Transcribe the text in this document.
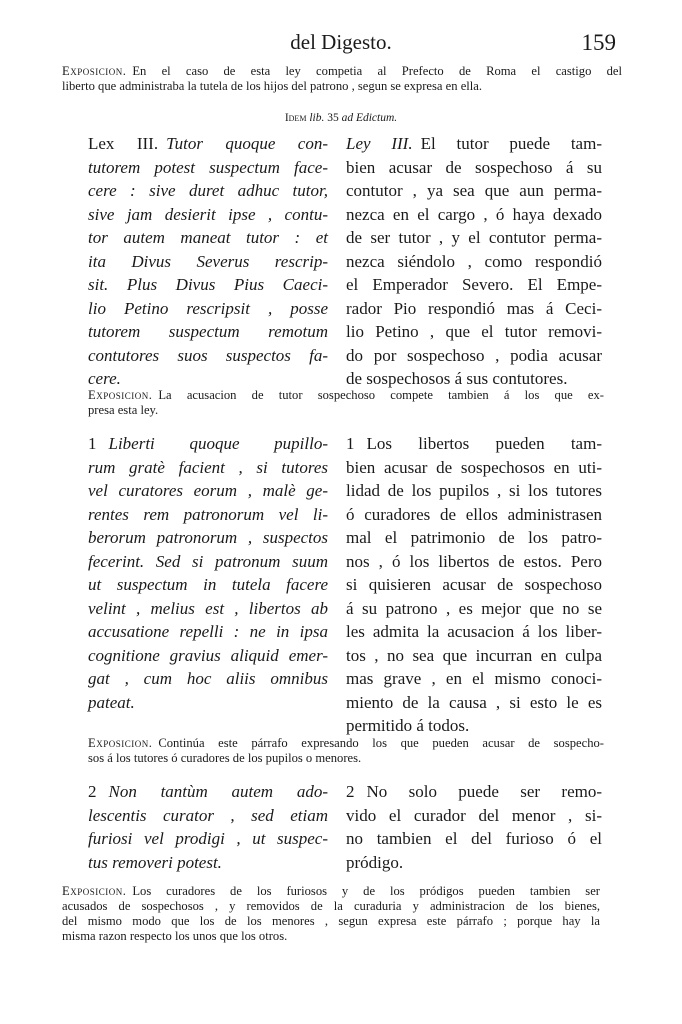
del Digesto.	159
Exposicion. En el caso de esta ley competia al Prefecto de Roma el castigo del
liberto que administraba la tutela de los hijos del patrono , segun se expresa en ella.
Idem lib. 35 ad Edictum.
Lex III. Tutor quoque con-
tutorem potest suspectum face-
cere : sive duret adhuc tutor,
sive jam desierit ipse , contu-
tor autem maneat tutor : et
ita Divus Severus rescrip-
sit. Plus Divus Pius Caeci-
lio Petino rescripsit , posse
tutorem suspectum remotum
contutores suos suspectos fa-
cere.
Ley III. El tutor puede tam-
bien acusar de sospechoso á su
contutor , ya sea que aun perma-
nezca en el cargo , ó haya dexado
de ser tutor , y el contutor perma-
nezca siéndolo , como respondió
el Emperador Severo. El Empe-
rador Pio respondió mas á Ceci-
lio Petino , que el tutor removi-
do por sospechoso , podia acusar
de sospechosos á sus contutores.
Exposicion. La acusacion de tutor sospechoso compete tambien á los que ex-
presa esta ley.
1 Liberti quoque pupillo-
rum gratè facient , si tutores
vel curatores eorum , malè ge-
rentes rem patronorum vel li-
berorum patronorum , suspectos
fecerint. Sed si patronum suum
ut suspectum in tutela facere
velint , melius est , libertos ab
accusatione repelli : ne in ipsa
cognitione gravius aliquid emer-
gat , cum hoc aliis omnibus
pateat.
1 Los libertos pueden tam-
bien acusar de sospechosos en uti-
lidad de los pupilos , si los tutores
ó curadores de ellos administrasen
mal el patrimonio de los patro-
nos , ó los libertos de estos. Pero
si quisieren acusar de sospechoso
á su patrono , es mejor que no se
les admita la acusacion á los liber-
tos , no sea que incurran en culpa
mas grave , en el mismo conoci-
miento de la causa , si esto le es
permitido á todos.
Exposicion. Continúa este párrafo expresando los que pueden acusar de sospecho-
sos á los tutores ó curadores de los pupilos o menores.
2 Non tantùm autem ado-
lescentis curator , sed etiam
furiosi vel prodigi , ut suspec-
tus removeri potest.
2 No solo puede ser remo-
vido el curador del menor , si-
no tambien el del furioso ó el
pródigo.
Exposicion. Los curadores de los furiosos y de los pródigos pueden tambien ser
acusados de sospechosos , y removidos de la curaduria y administracion de los bienes,
del mismo modo que los de los menores , segun expresa este párrafo ; porque hay la
misma razon respecto los unos que los otros.
